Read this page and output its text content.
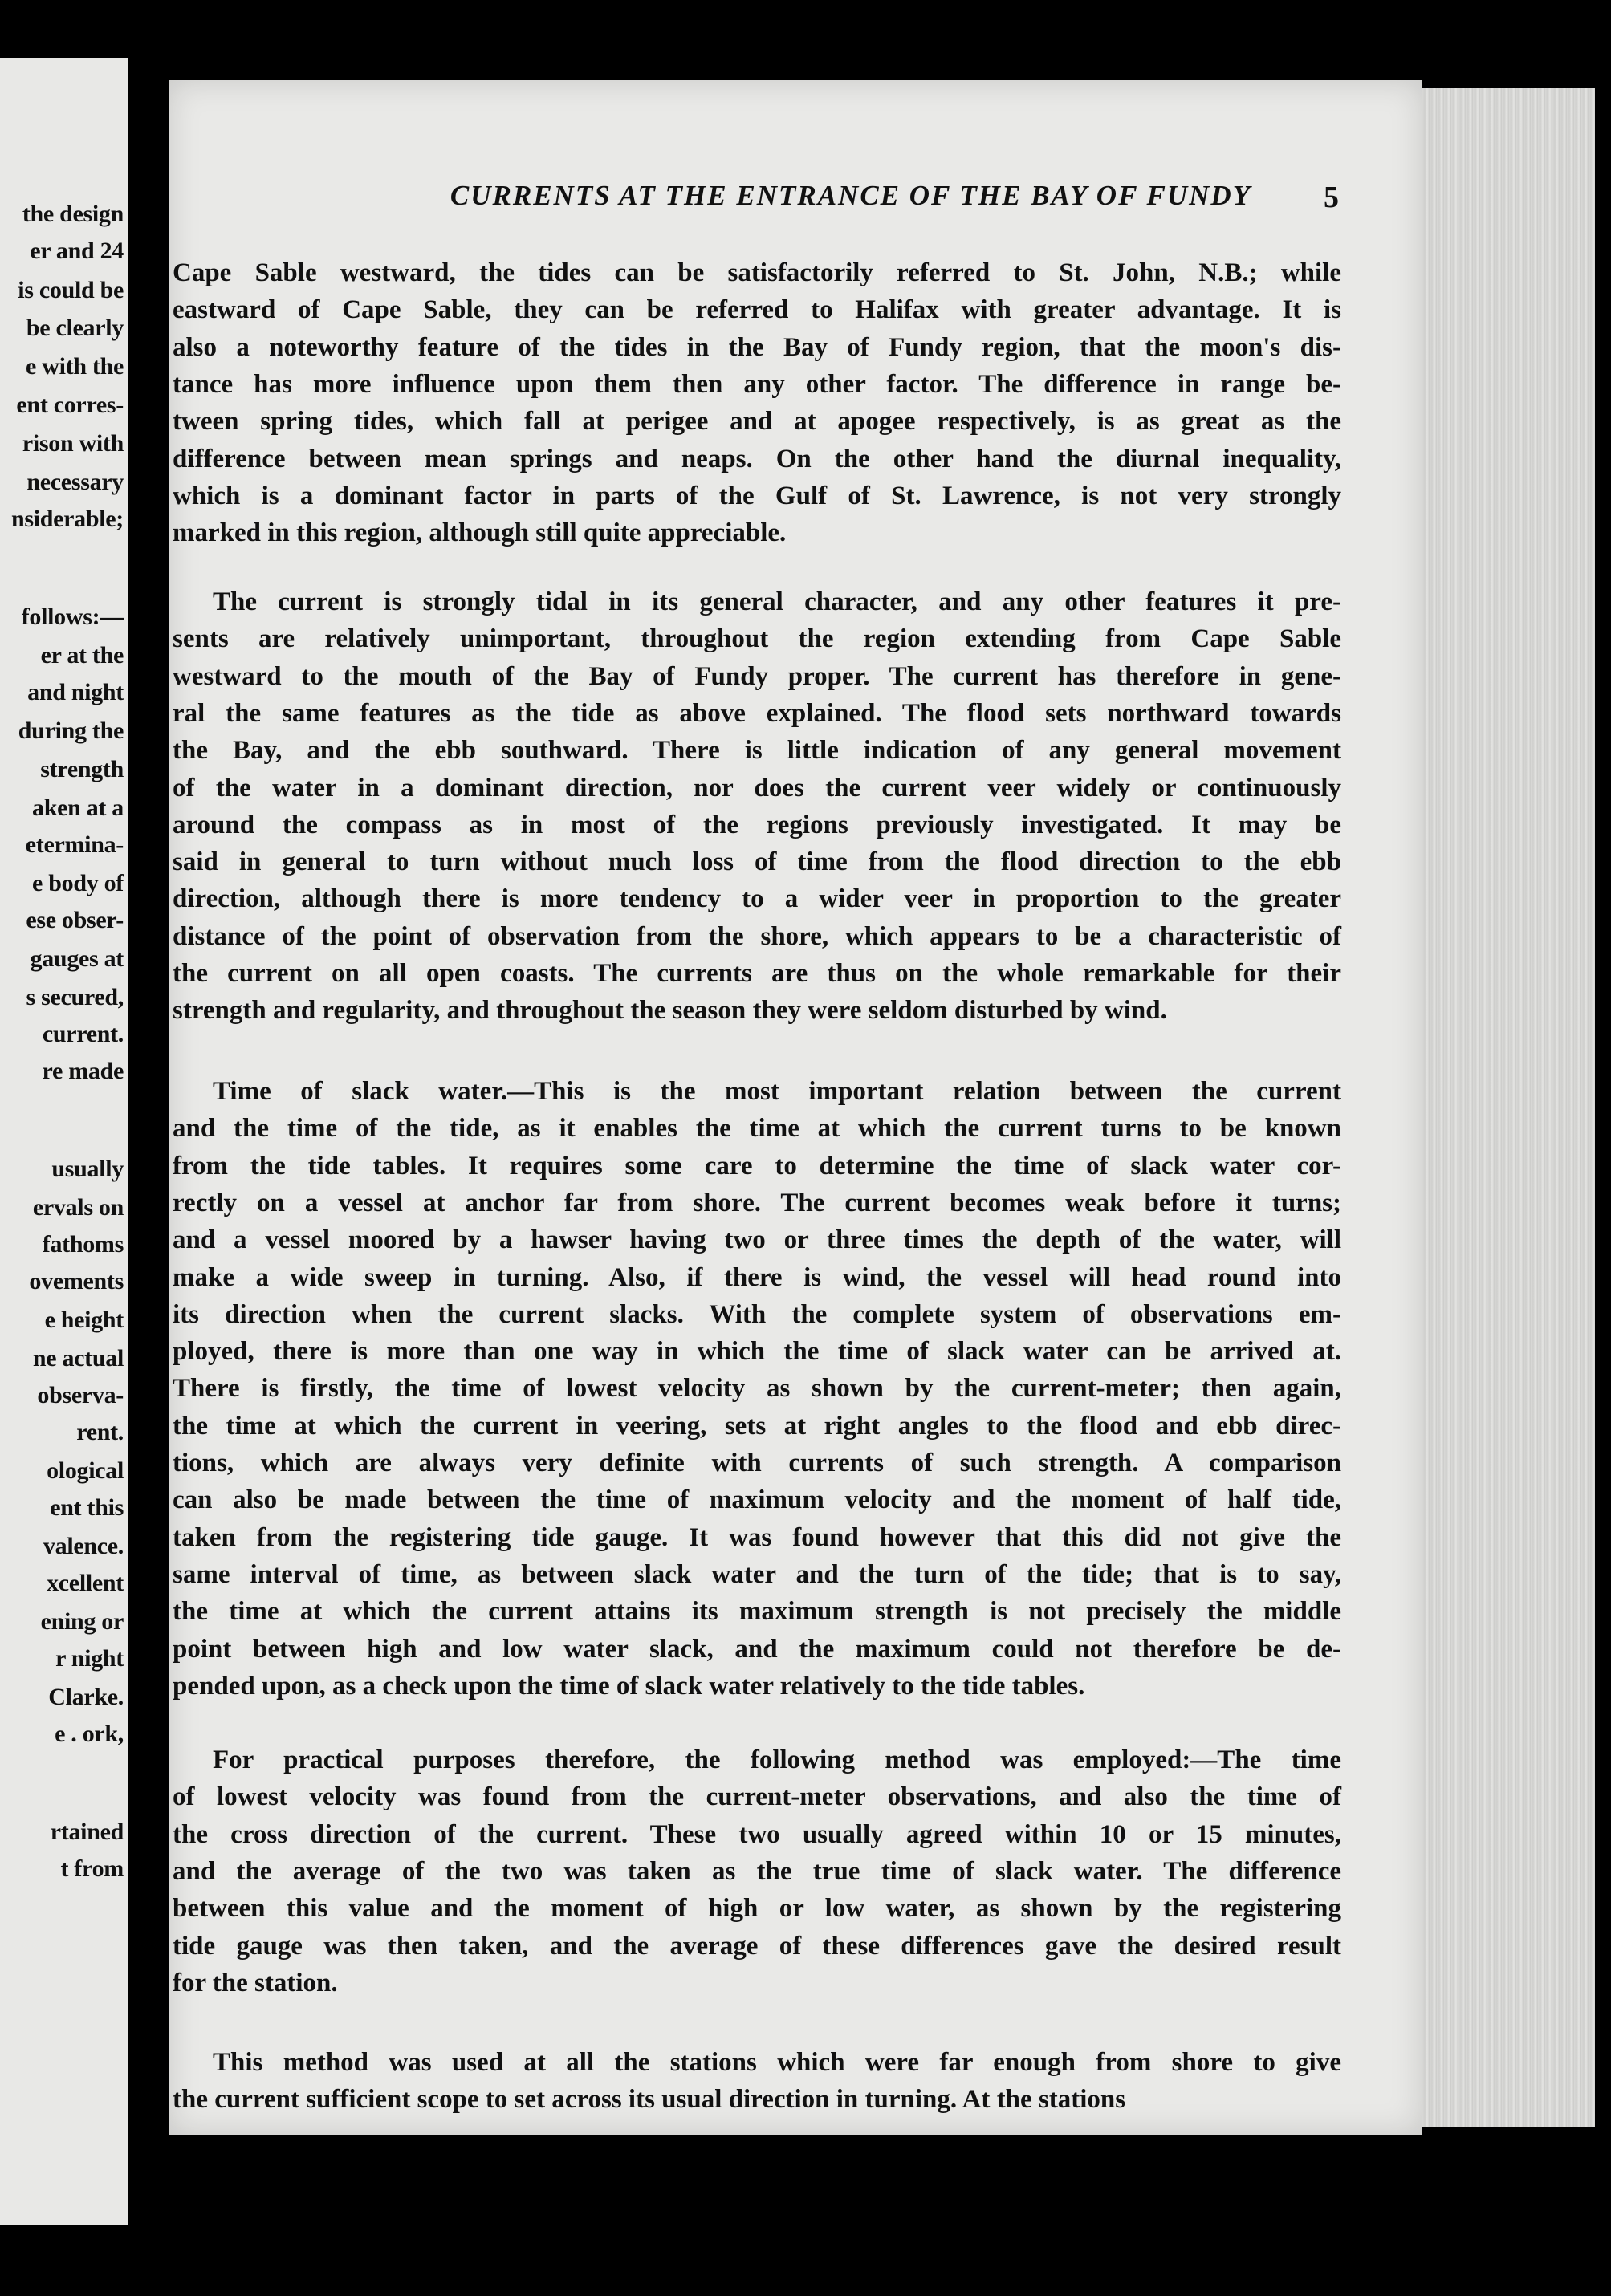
the design
er and 24
is could be
be clearly
e with the
ent corres-
rison with
necessary
nsiderable;
follows:—
er at the
and night
during the
strength
aken at a
etermina-
e body of
ese obser-
gauges at
s secured,
current.
re made
usually
ervals on
fathoms
ovements
e height
ne actual
observa-
rent.
ological
ent this
valence.
xcellent
ening or
r night
Clarke.
e . ork,
rtained
t from
CURRENTS AT THE ENTRANCE OF THE BAY OF FUNDY	5
Cape Sable westward, the tides can be satisfactorily referred to St. John, N.B.; while
eastward of Cape Sable, they can be referred to Halifax with greater advantage. It is
also a noteworthy feature of the tides in the Bay of Fundy region, that the moon's dis-
tance has more influence upon them then any other factor. The difference in range be-
tween spring tides, which fall at perigee and at apogee respectively, is as great as the
difference between mean springs and neaps. On the other hand the diurnal inequality,
which is a dominant factor in parts of the Gulf of St. Lawrence, is not very strongly
marked in this region, although still quite appreciable.
The current is strongly tidal in its general character, and any other features it pre-
sents are relatively unimportant, throughout the region extending from Cape Sable
westward to the mouth of the Bay of Fundy proper. The current has therefore in gene-
ral the same features as the tide as above explained. The flood sets northward towards
the Bay, and the ebb southward. There is little indication of any general movement
of the water in a dominant direction, nor does the current veer widely or continuously
around the compass as in most of the regions previously investigated. It may be
said in general to turn without much loss of time from the flood direction to the ebb
direction, although there is more tendency to a wider veer in proportion to the greater
distance of the point of observation from the shore, which appears to be a characteristic of
the current on all open coasts. The currents are thus on the whole remarkable for their
strength and regularity, and throughout the season they were seldom disturbed by wind.
Time of slack water.—This is the most important relation between the current
and the time of the tide, as it enables the time at which the current turns to be known
from the tide tables. It requires some care to determine the time of slack water cor-
rectly on a vessel at anchor far from shore. The current becomes weak before it turns;
and a vessel moored by a hawser having two or three times the depth of the water, will
make a wide sweep in turning. Also, if there is wind, the vessel will head round into
its direction when the current slacks. With the complete system of observations em-
ployed, there is more than one way in which the time of slack water can be arrived at.
There is firstly, the time of lowest velocity as shown by the current-meter; then again,
the time at which the current in veering, sets at right angles to the flood and ebb direc-
tions, which are always very definite with currents of such strength. A comparison
can also be made between the time of maximum velocity and the moment of half tide,
taken from the registering tide gauge. It was found however that this did not give the
same interval of time, as between slack water and the turn of the tide; that is to say,
the time at which the current attains its maximum strength is not precisely the middle
point between high and low water slack, and the maximum could not therefore be de-
pended upon, as a check upon the time of slack water relatively to the tide tables.
For practical purposes therefore, the following method was employed:—The time
of lowest velocity was found from the current-meter observations, and also the time of
the cross direction of the current. These two usually agreed within 10 or 15 minutes,
and the average of the two was taken as the true time of slack water. The difference
between this value and the moment of high or low water, as shown by the registering
tide gauge was then taken, and the average of these differences gave the desired result
for the station.
This method was used at all the stations which were far enough from shore to give
the current sufficient scope to set across its usual direction in turning. At the stations
